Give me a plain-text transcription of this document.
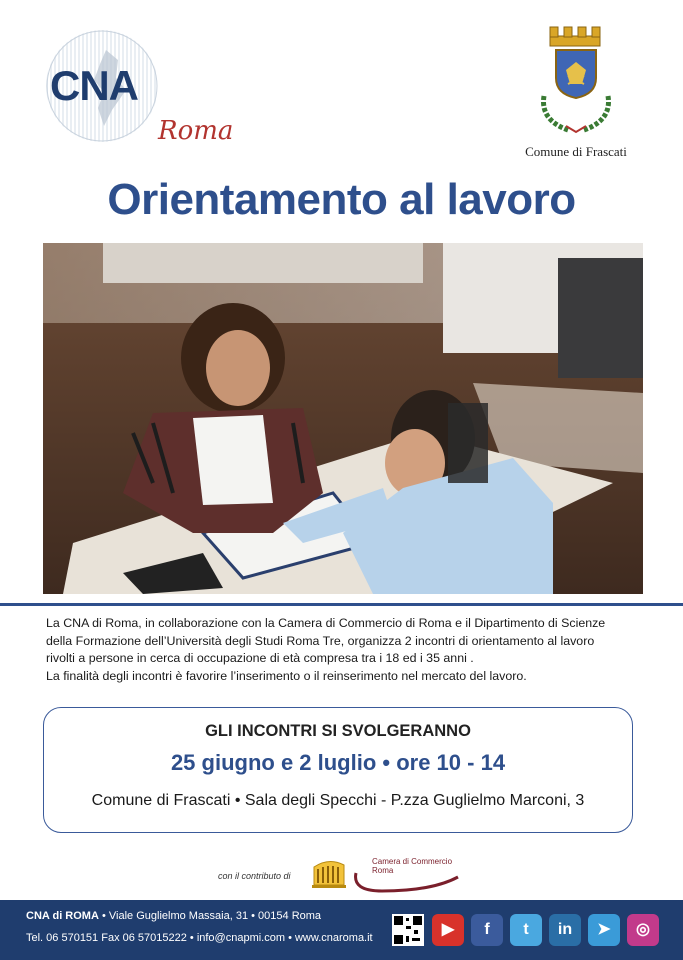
CNA
Roma
Comune di Frascati
Orientamento al lavoro

La CNA di Roma, in collaborazione con la Camera di Commercio di Roma e il Dipartimento di Scienze

della Formazione dell’Università degli Studi Roma Tre, organizza 2 incontri di orientamento al lavoro

rivolti a persone in cerca di occupazione di età compresa tra i 18 ed i 35 anni .

La finalità degli incontri è favorire l’inserimento o il reinserimento nel mercato del lavoro.

GLI INCONTRI SI SVOLGERANNO
25 giugno e 2 luglio • ore 10 - 14
Comune di Frascati • Sala degli Specchi - P.zza Guglielmo Marconi, 3
con il contributo di
Camera di Commercio
Roma
CNA di ROMA • Viale Guglielmo Massaia, 31 • 00154 Roma
Tel. 06 570151 Fax 06 57015222 • info@cnapmi.com • www.cnaroma.it	▶	f	t	in	➤	◎
